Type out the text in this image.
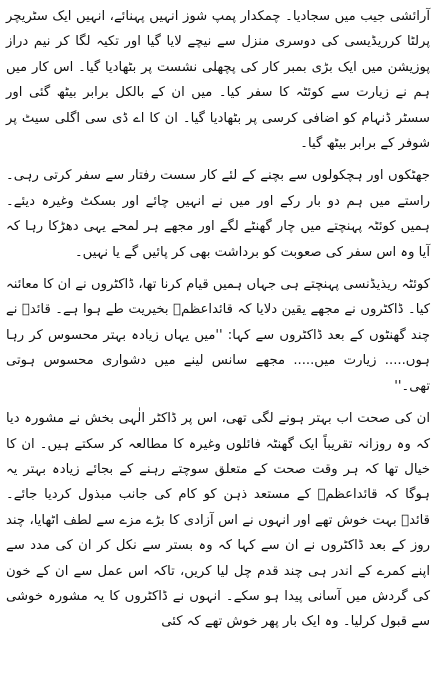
آرائشی جیب میں سجادیا۔ چمکدار پمپ شوز انہیں پہنائے، انہیں ایک سٹریچر پرلٹا کرریڈیسی کی دوسری منزل سے نیچے لایا گیا اور تکیہ لگا کر نیم دراز پوزیشن میں ایک بڑی بمبر کار کی پچھلی نشست پر بٹھادیا گیا۔ اس کار میں ہم نے زیارت سے کوئٹہ کا سفر کیا۔ میں ان کے بالکل برابر بیٹھ گئی اور سسٹر ڈنہام کو اضافی کرسی پر بٹھادیا گیا۔ ان کا اے ڈی سی اگلی سیٹ پر شوفر کے برابر بیٹھ گیا۔

جھٹکوں اور ہچکولوں سے بچنے کے لئے کار سست رفتار سے سفر کرتی رہی۔ راستے میں ہم دو بار رکے اور میں نے انہیں چائے اور بسکٹ وغیرہ دیئے۔ ہمیں کوئٹہ پہنچتے میں چار گھنٹے لگے اور مجھے ہر لمحے یہی دھڑکا رہا کہ آیا وہ اس سفر کی صعوبت کو برداشت بھی کر پائیں گے یا نہیں۔

کوئٹہ ریذیڈنسی پہنچتے ہی جہاں ہمیں قیام کرنا تھا، ڈاکٹروں نے ان کا معائنہ کیا۔ ڈاکٹروں نے مجھے یقین دلایا کہ قائداعظمؒ بخیریت طے ہوا ہے۔ قائدؒ نے چند گھنٹوں کے بعد ڈاکٹروں سے کہا: ''میں یہاں زیادہ بہتر محسوس کر رہا ہوں..... زیارت میں..... مجھے سانس لینے میں دشواری محسوس ہوتی تھی۔''

ان کی صحت اب بہتر ہونے لگی تھی، اس پر ڈاکٹر الٰہی بخش نے مشورہ دیا کہ وہ روزانہ تقریباً ایک گھنٹہ فائلوں وغیرہ کا مطالعہ کر سکتے ہیں۔ ان کا خیال تھا کہ ہر وقت صحت کے متعلق سوچتے رہنے کے بجائے زیادہ بہتر یہ ہوگا کہ قائداعظمؒ کے مستعد ذہن کو کام کی جانب مبذول کردیا جائے۔ قائدؒ بہت خوش تھے اور انہوں نے اس آزادی کا بڑے مزے سے لطف اٹھایا، چند روز کے بعد ڈاکٹروں نے ان سے کہا کہ وہ بستر سے نکل کر ان کی مدد سے اپنے کمرے کے اندر ہی چند قدم چل لیا کریں، تاکہ اس عمل سے ان کے خون کی گردش میں آسانی پیدا ہو سکے۔ انہوں نے ڈاکٹروں کا یہ مشورہ خوشی سے قبول کرلیا۔ وہ ایک بار پھر خوش تھے کہ کئی
